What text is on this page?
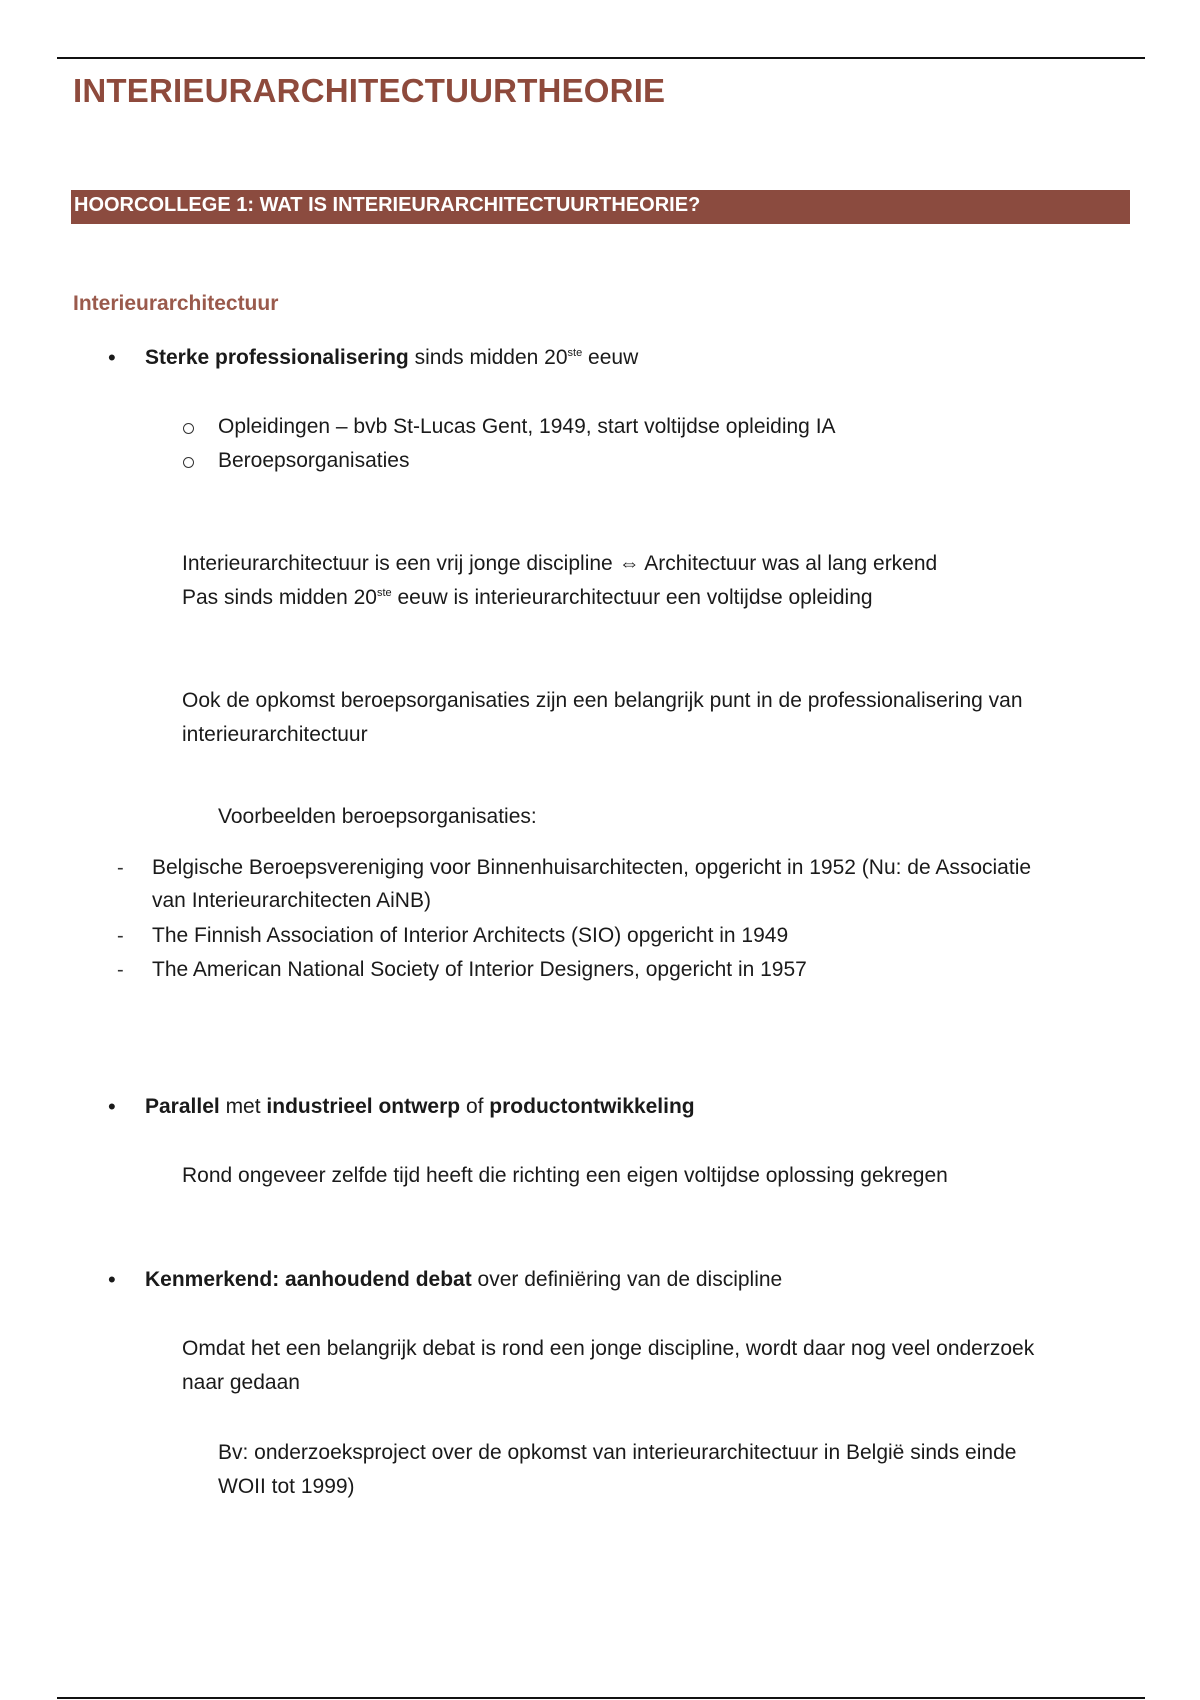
INTERIEURARCHITECTUURTHEORIE
HOORCOLLEGE 1: WAT IS INTERIEURARCHITECTUURTHEORIE?
Interieurarchitectuur
• Sterke professionalisering sinds midden 20ste eeuw
Opleidingen – bvb St-Lucas Gent, 1949, start voltijdse opleiding IA
Beroepsorganisaties
Interieurarchitectuur is een vrij jonge discipline ⇔ Architectuur was al lang erkend
Pas sinds midden 20ste eeuw is interieurarchitectuur een voltijdse opleiding
Ook de opkomst beroepsorganisaties zijn een belangrijk punt in de professionalisering van
interieurarchitectuur
Voorbeelden beroepsorganisaties:
- Belgische Beroepsvereniging voor Binnenhuisarchitecten, opgericht in 1952 (Nu: de Associatie
van Interieurarchitecten AiNB)
- The Finnish Association of Interior Architects (SIO) opgericht in 1949
- The American National Society of Interior Designers, opgericht in 1957
• Parallel met industrieel ontwerp of productontwikkeling
Rond ongeveer zelfde tijd heeft die richting een eigen voltijdse oplossing gekregen
• Kenmerkend: aanhoudend debat over definiëring van de discipline
Omdat het een belangrijk debat is rond een jonge discipline, wordt daar nog veel onderzoek
naar gedaan
Bv: onderzoeksproject over de opkomst van interieurarchitectuur in België sinds einde
WOII tot 1999)
